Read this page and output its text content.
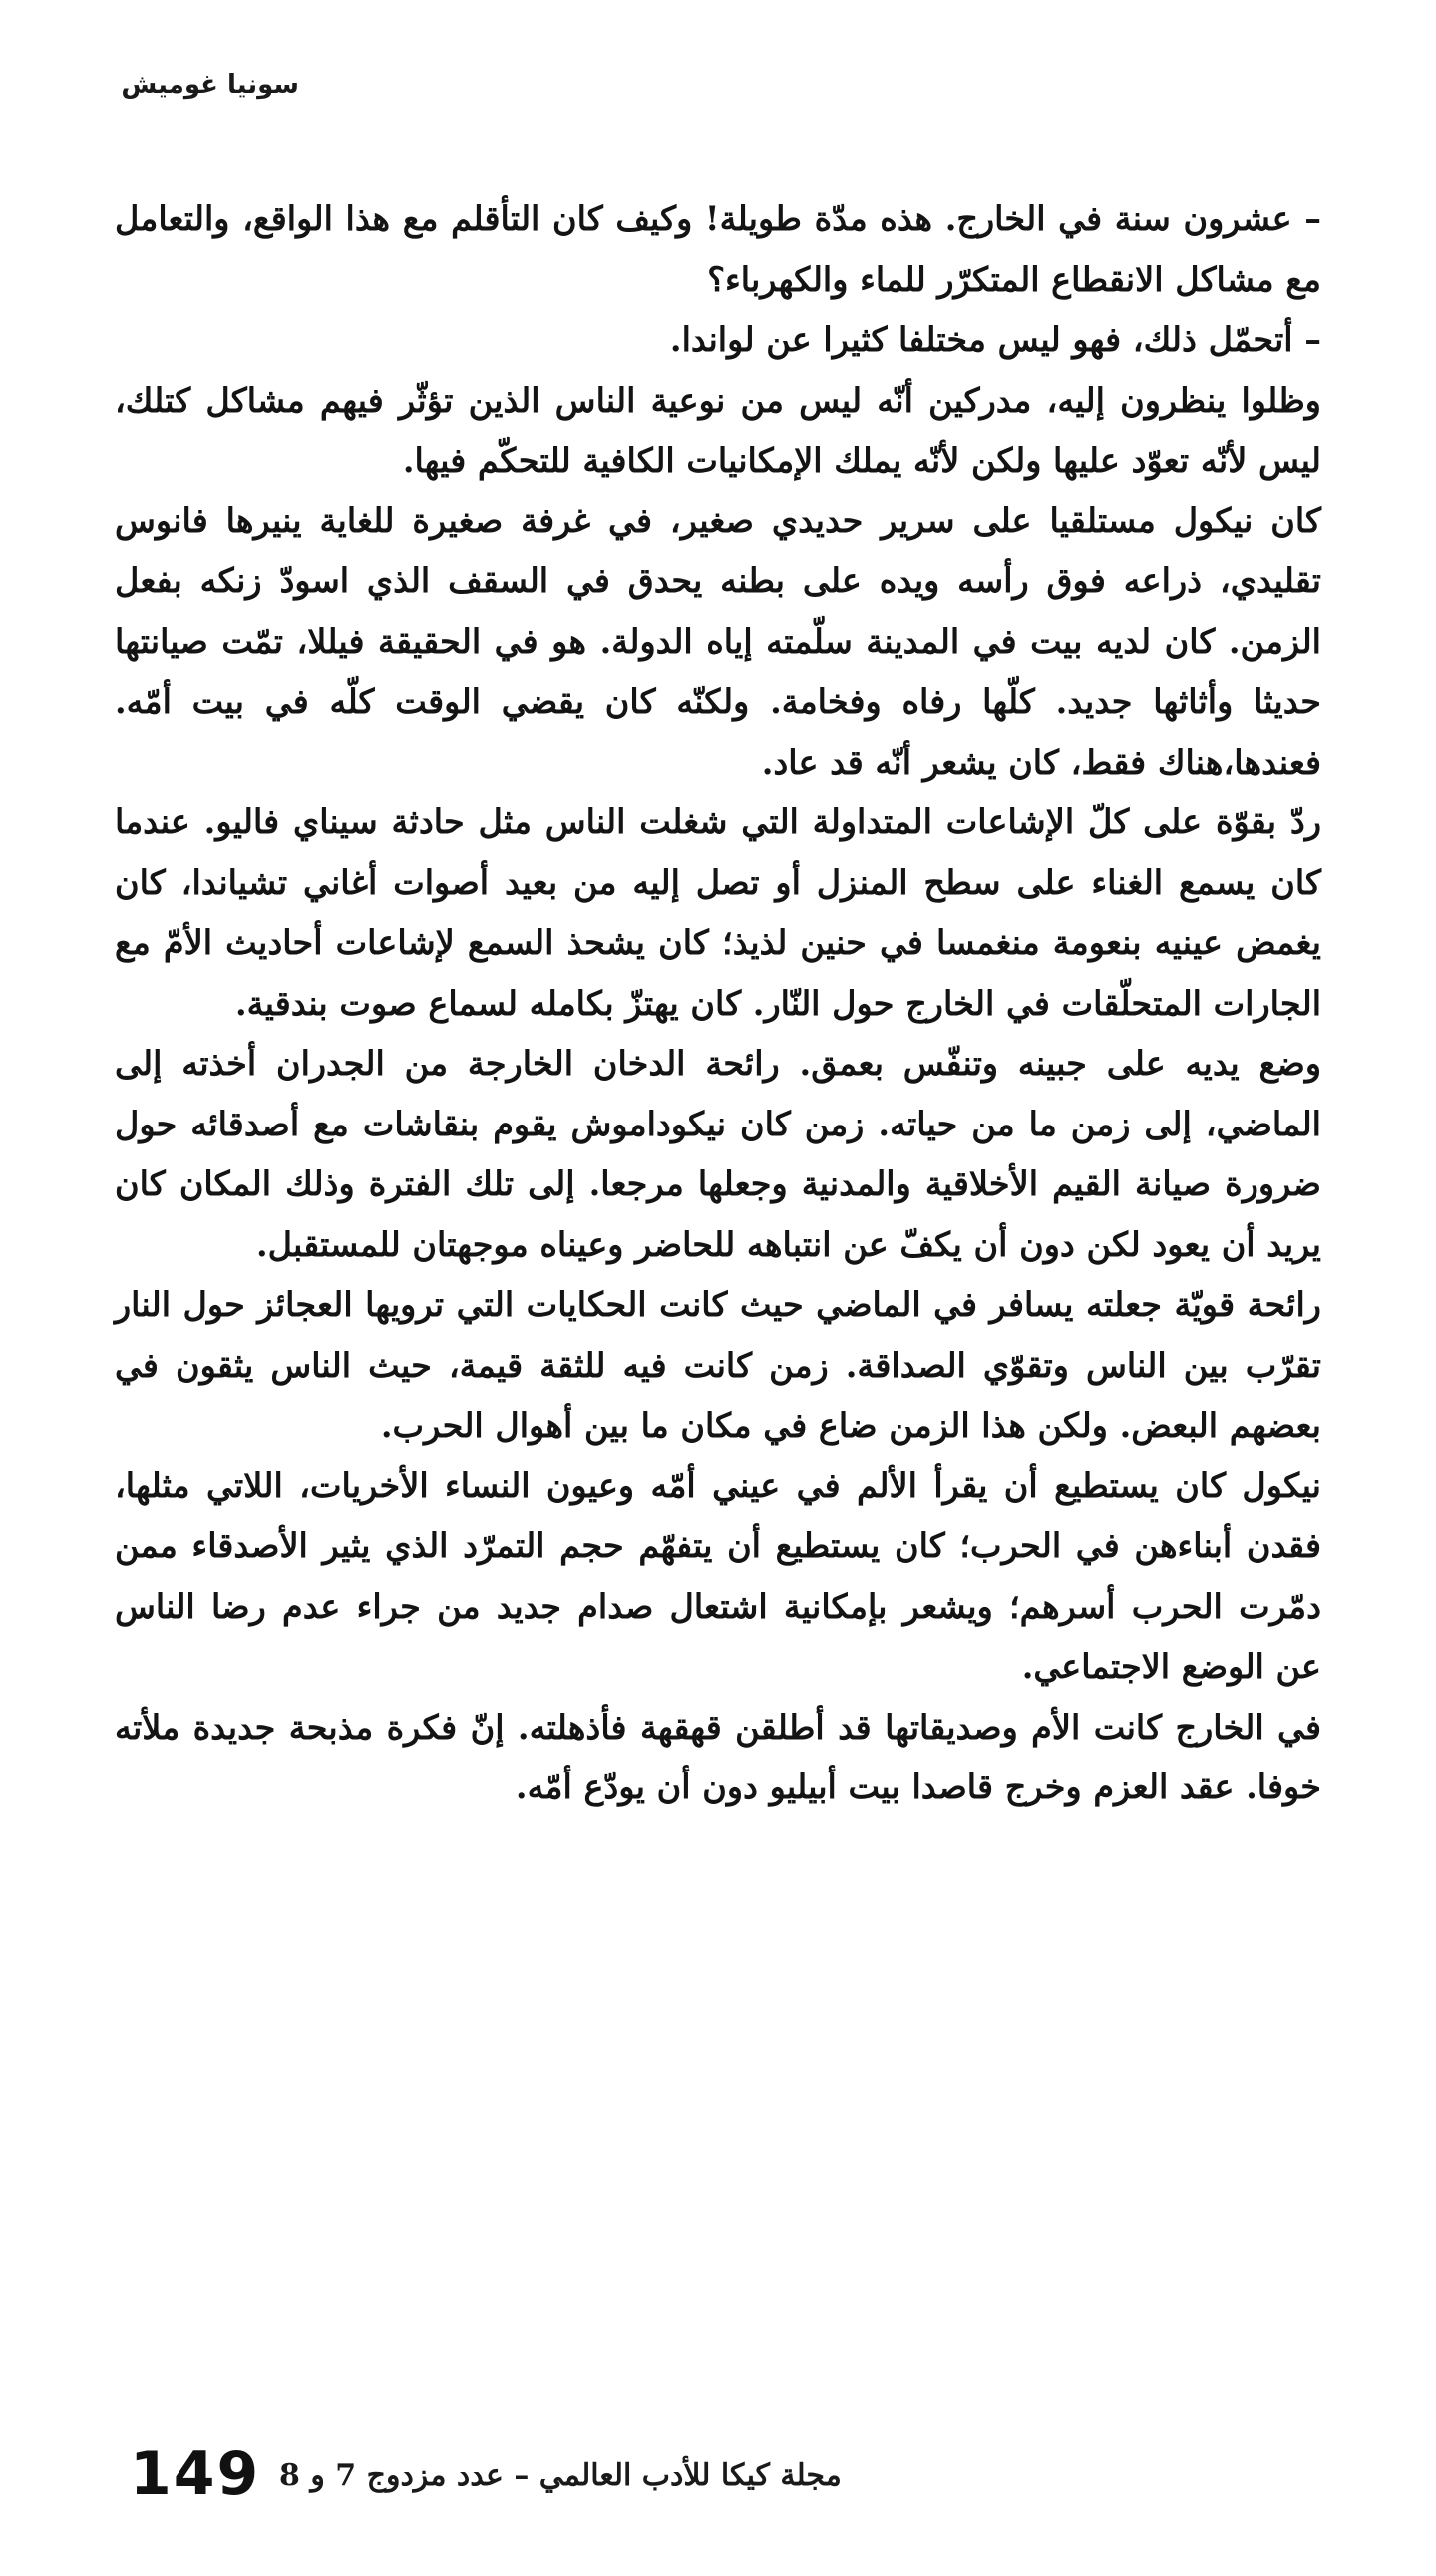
سونيا غوميش

– عشرون سنة في الخارج. هذه مدّة طويلة! وكيف كان التأقلم مع هذا الواقع، والتعامل مع مشاكل الانقطاع المتكرّر للماء والكهرباء؟

– أتحمّل ذلك، فهو ليس مختلفا كثيرا عن لواندا.

وظلوا ينظرون إليه، مدركين أنّه ليس من نوعية الناس الذين تؤثّر فيهم مشاكل كتلك، ليس لأنّه تعوّد عليها ولكن لأنّه يملك الإمكانيات الكافية للتحكّم فيها.

كان نيكول مستلقيا على سرير حديدي صغير، في غرفة صغيرة للغاية ينيرها فانوس تقليدي، ذراعه فوق رأسه ويده على بطنه يحدق في السقف الذي اسودّ زنكه بفعل الزمن. كان لديه بيت في المدينة سلّمته إياه الدولة. هو في الحقيقة فيللا، تمّت صيانتها حديثا وأثاثها جديد. كلّها رفاه وفخامة. ولكنّه كان يقضي الوقت كلّه في بيت أمّه. فعندها،هناك فقط، كان يشعر أنّه قد عاد.

ردّ بقوّة على كلّ الإشاعات المتداولة التي شغلت الناس مثل حادثة سيناي فاليو. عندما كان يسمع الغناء على سطح المنزل أو تصل إليه من بعيد أصوات أغاني تشياندا، كان يغمض عينيه بنعومة منغمسا في حنين لذيذ؛ كان يشحذ السمع لإشاعات أحاديث الأمّ مع الجارات المتحلّقات في الخارج حول النّار. كان يهتزّ بكامله لسماع صوت بندقية.

وضع يديه على جبينه وتنفّس بعمق. رائحة الدخان الخارجة من الجدران أخذته إلى الماضي، إلى زمن ما من حياته. زمن كان نيكوداموش يقوم بنقاشات مع أصدقائه حول ضرورة صيانة القيم الأخلاقية والمدنية وجعلها مرجعا. إلى تلك الفترة وذلك المكان كان يريد أن يعود لكن دون أن يكفّ عن انتباهه للحاضر وعيناه موجهتان للمستقبل.

رائحة قويّة جعلته يسافر في الماضي حيث كانت الحكايات التي ترويها العجائز حول النار تقرّب بين الناس وتقوّي الصداقة. زمن كانت فيه للثقة قيمة، حيث الناس يثقون في بعضهم البعض. ولكن هذا الزمن ضاع في مكان ما بين أهوال الحرب.

نيكول كان يستطيع أن يقرأ الألم في عيني أمّه وعيون النساء الأخريات، اللاتي مثلها، فقدن أبناءهن في الحرب؛ كان يستطيع أن يتفهّم حجم التمرّد الذي يثير الأصدقاء ممن دمّرت الحرب أسرهم؛ ويشعر بإمكانية اشتعال صدام جديد من جراء عدم رضا الناس عن الوضع الاجتماعي.

في الخارج كانت الأم وصديقاتها قد أطلقن قهقهة فأذهلته. إنّ فكرة مذبحة جديدة ملأته خوفا. عقد العزم وخرج قاصدا بيت أبيليو دون أن يودّع أمّه.

149 مجلة كيكا للأدب العالمي – عدد مزدوج 7 و 8
